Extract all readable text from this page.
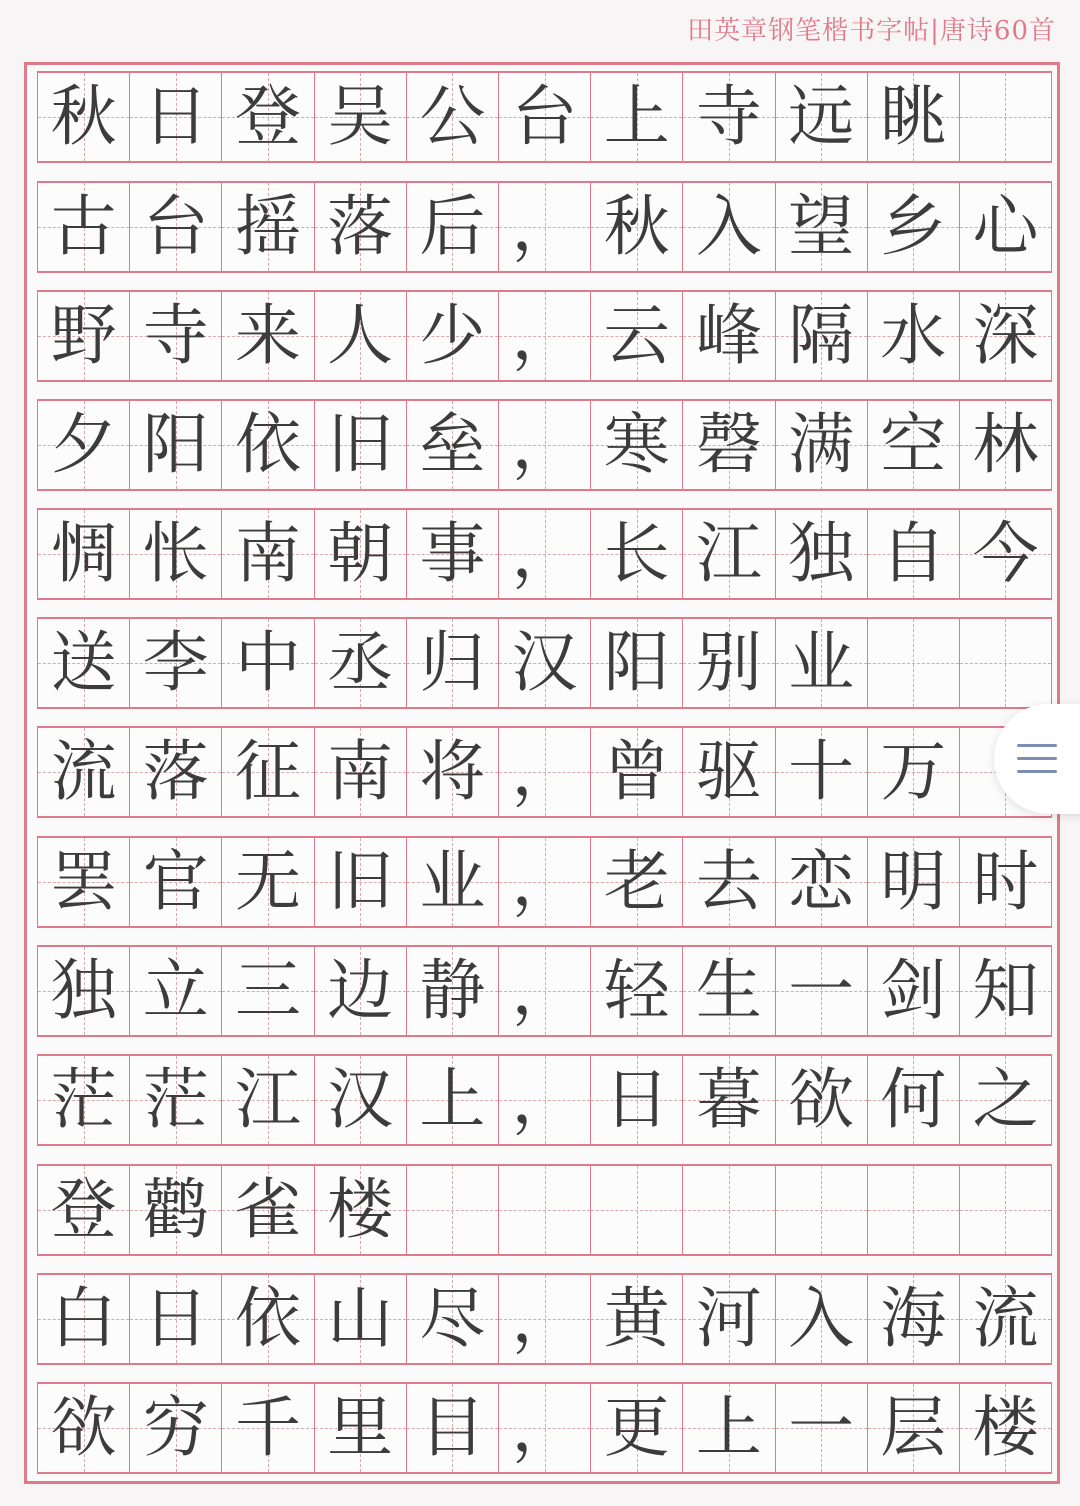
田英章钢笔楷书字帖|唐诗60首
秋 日 登 吴 公 台 上 寺 远 眺
古 台 摇 落 后 ， 秋 入 望 乡 心
野 寺 来 人 少 ， 云 峰 隔 水 深
夕 阳 依 旧 垒 ， 寒 磬 满 空 林
惆 怅 南 朝 事 ， 长 江 独 自 今
送 李 中 丞 归 汉 阳 别 业
流 落 征 南 将 ， 曾 驱 十 万
罢 官 无 旧 业 ， 老 去 恋 明 时
独 立 三 边 静 ， 轻 生 一 剑 知
茫 茫 江 汉 上 ， 日 暮 欲 何 之
登 鹳 雀 楼
白 日 依 山 尽 ， 黄 河 入 海 流
欲 穷 千 里 目 ， 更 上 一 层 楼
